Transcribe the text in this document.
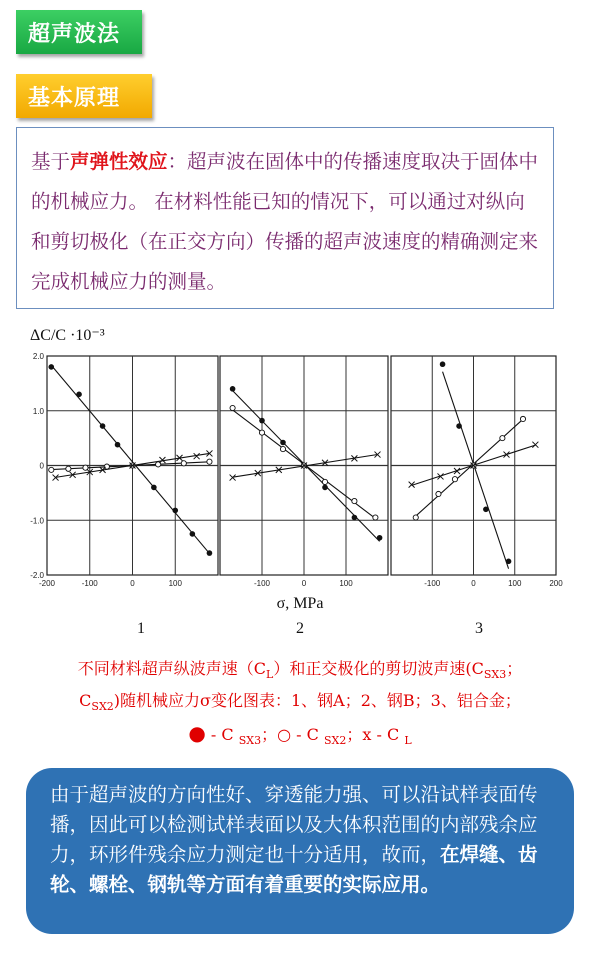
超声波法
基本原理
基于声弹性效应：超声波在固体中的传播速度取决于固体中的机械应力。 在材料性能已知的情况下，可以通过对纵向和剪切极化（在正交方向）传播的超声波速度的精确测定来完成机械应力的测量。
-200	-100	0	100
1
-100	0	100
2
-100	0	100	200
3
2.0
1.0
0
-1.0
-2.0
ΔC/C ·10⁻³
σ, MPa
不同材料超声纵波声速$(C_L)$和正交极化的剪切波声速($C_{SX3}$；
$C_{SX2}$)随机械应力σ变化图表：1、钢A；2、钢B；3、铝合金；
● - C $_{SX3}$；○ - C $_{SX2}$；x - C $_L$
由于超声波的方向性好、穿透能力强、可以沿试样表面传播，因此可以检测试样表面以及大体积范围的内部残余应力，环形件残余应力测定也十分适用，故而，在焊缝、齿轮、螺栓、钢轨等方面有着重要的实际应用。
